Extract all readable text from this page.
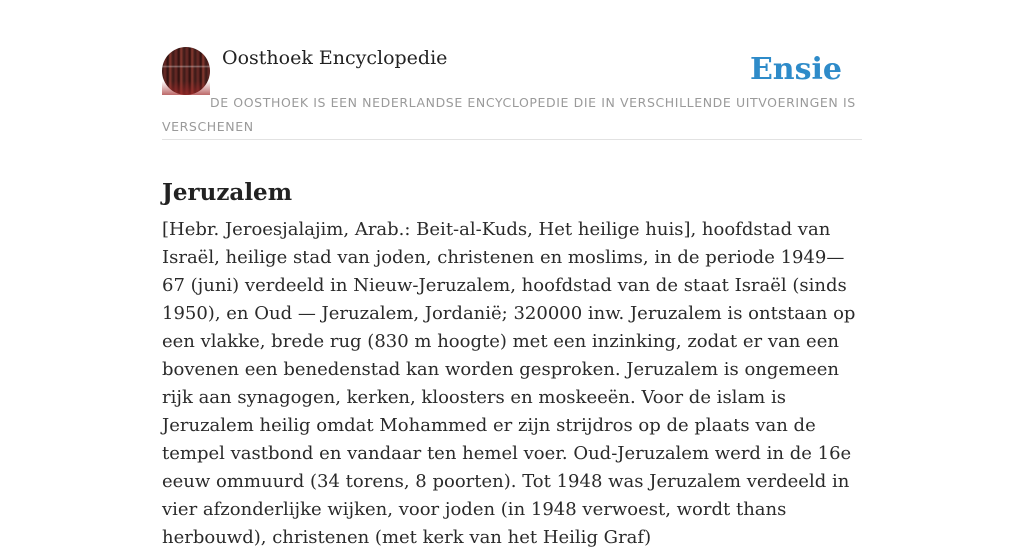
Oosthoek Encyclopedie	Ensie
DE OOSTHOEK IS EEN NEDERLANDSE ENCYCLOPEDIE DIE IN VERSCHILLENDE UITVOERINGEN IS VERSCHENEN
Jeruzalem

[Hebr. Jeroesjalajim, Arab.: Beit-al-Kuds, Het heilige huis], hoofdstad van Israël, heilige stad van joden, christenen en moslims, in de periode 1949—67 (juni) verdeeld in Nieuw-Jeruzalem, hoofdstad van de staat Israël (sinds 1950), en Oud — Jeruzalem, Jordanië; 320000 inw. Jeruzalem is ontstaan op een vlakke, brede rug (830 m hoogte) met een inzinking, zodat er van een bovenen een benedenstad kan worden gesproken. Jeruzalem is ongemeen rijk aan synagogen, kerken, kloosters en moskeeën. Voor de islam is Jeruzalem heilig omdat Mohammed er zijn strijdros op de plaats van de tempel vastbond en vandaar ten hemel voer. Oud-Jeruzalem werd in de 16e eeuw ommuurd (34 torens, 8 poorten). Tot 1948 was Jeruzalem verdeeld in vier afzonderlijke wijken, voor joden (in 1948 verwoest, wordt thans herbouwd), christenen (met kerk van het Heilig Graf)
